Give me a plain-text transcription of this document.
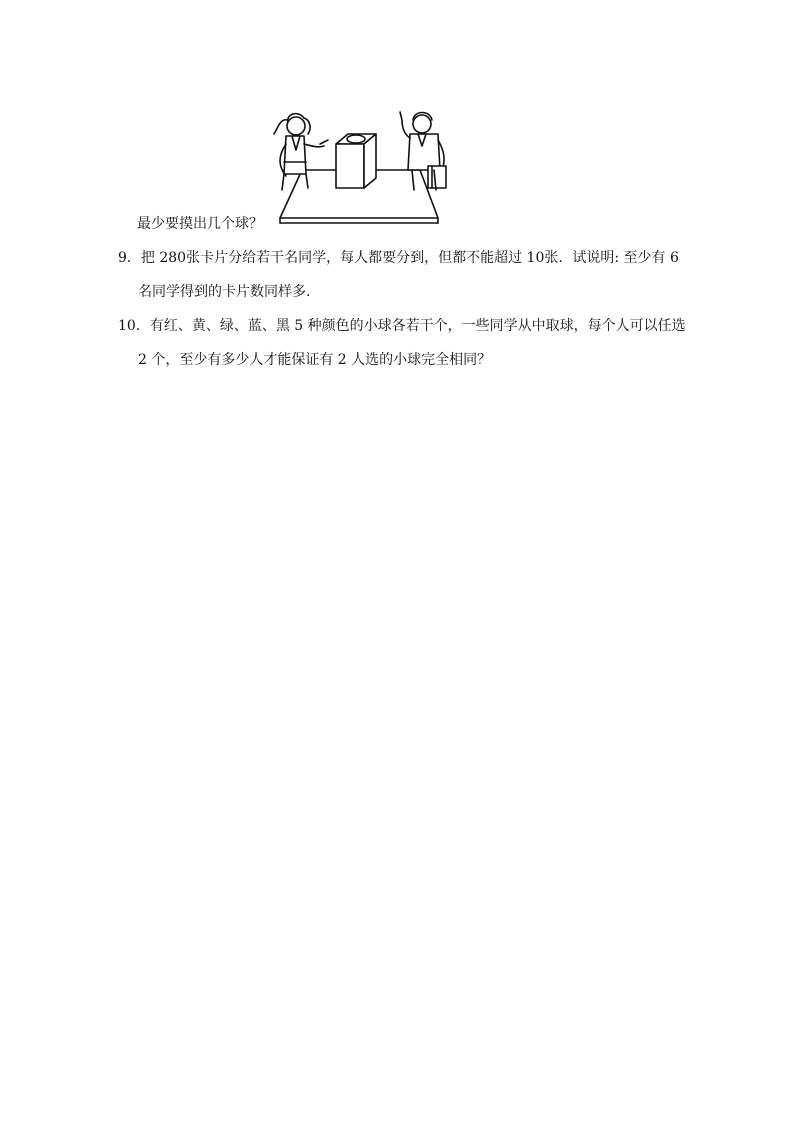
最少要摸出几个球？
9．把 280张卡片分给若干名同学，每人都要分到，但都不能超过 10张．试说明: 至少有 6
名同学得到的卡片数同样多．
10．有红、黄、绿、蓝、黑 5 种颜色的小球各若干个，一些同学从中取球，每个人可以任选
2 个，至少有多少人才能保证有 2 人选的小球完全相同？
